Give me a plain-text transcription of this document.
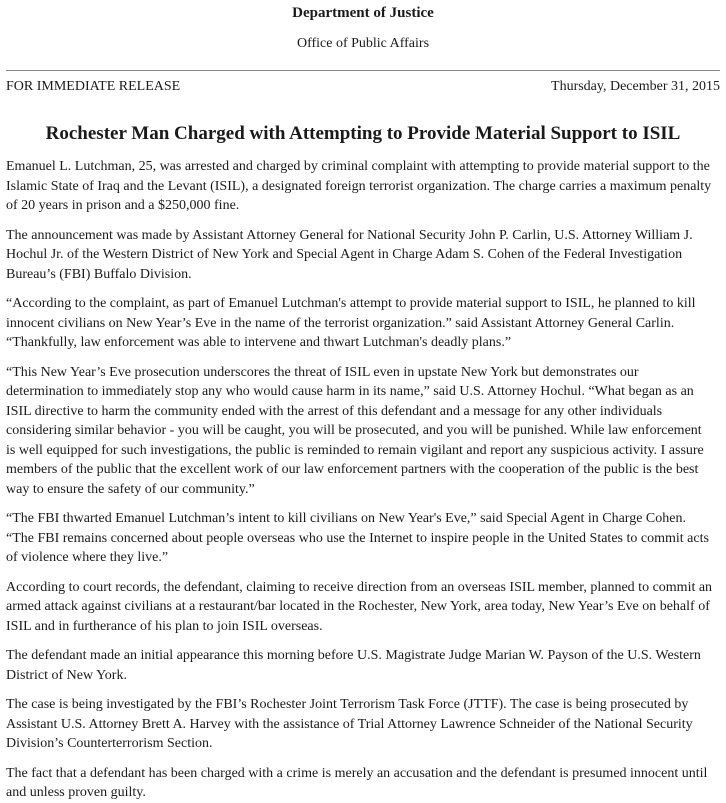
Department of Justice
Office of Public Affairs
FOR IMMEDIATE RELEASE	Thursday, December 31, 2015
Rochester Man Charged with Attempting to Provide Material Support to ISIL

Emanuel L. Lutchman, 25, was arrested and charged by criminal complaint with attempting to provide material support to the Islamic State of Iraq and the Levant (ISIL), a designated foreign terrorist organization. The charge carries a maximum penalty of 20 years in prison and a $250,000 fine.

The announcement was made by Assistant Attorney General for National Security John P. Carlin, U.S. Attorney William J. Hochul Jr. of the Western District of New York and Special Agent in Charge Adam S. Cohen of the Federal Investigation Bureau’s (FBI) Buffalo Division.

“According to the complaint, as part of Emanuel Lutchman's attempt to provide material support to ISIL, he planned to kill innocent civilians on New Year’s Eve in the name of the terrorist organization.” said Assistant Attorney General Carlin. “Thankfully, law enforcement was able to intervene and thwart Lutchman's deadly plans.”

“This New Year’s Eve prosecution underscores the threat of ISIL even in upstate New York but demonstrates our determination to immediately stop any who would cause harm in its name,” said U.S. Attorney Hochul. “What began as an ISIL directive to harm the community ended with the arrest of this defendant and a message for any other individuals considering similar behavior - you will be caught, you will be prosecuted, and you will be punished. While law enforcement is well equipped for such investigations, the public is reminded to remain vigilant and report any suspicious activity. I assure members of the public that the excellent work of our law enforcement partners with the cooperation of the public is the best way to ensure the safety of our community.”

“The FBI thwarted Emanuel Lutchman’s intent to kill civilians on New Year's Eve,” said Special Agent in Charge Cohen. “The FBI remains concerned about people overseas who use the Internet to inspire people in the United States to commit acts of violence where they live.”

According to court records, the defendant, claiming to receive direction from an overseas ISIL member, planned to commit an armed attack against civilians at a restaurant/bar located in the Rochester, New York, area today, New Year’s Eve on behalf of ISIL and in furtherance of his plan to join ISIL overseas.

The defendant made an initial appearance this morning before U.S. Magistrate Judge Marian W. Payson of the U.S. Western District of New York.

The case is being investigated by the FBI’s Rochester Joint Terrorism Task Force (JTTF). The case is being prosecuted by Assistant U.S. Attorney Brett A. Harvey with the assistance of Trial Attorney Lawrence Schneider of the National Security Division’s Counterterrorism Section.

The fact that a defendant has been charged with a crime is merely an accusation and the defendant is presumed innocent until and unless proven guilty.
